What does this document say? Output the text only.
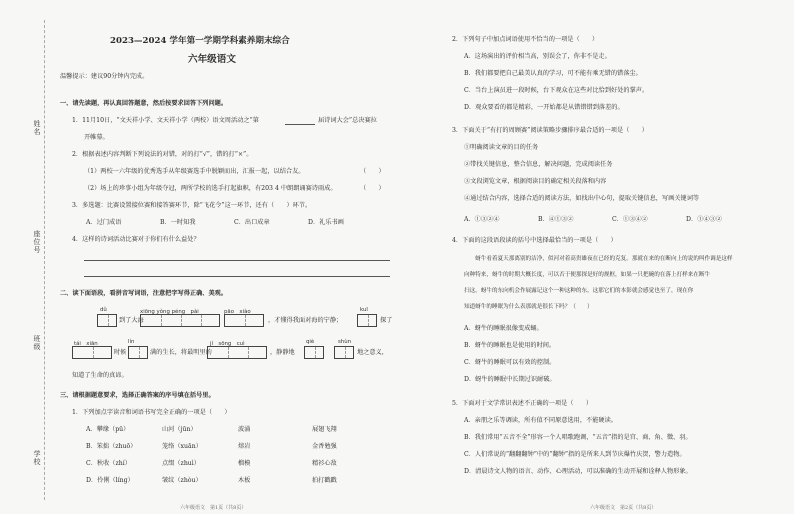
姓名
座位号
班级
学校
2023—2024 学年第一学期学科素养期末综合
六年级语文
温馨提示：建议90分钟内完成。
一、请先读题，再认真回答题意，然后按要求回答下列问题。
1．11月10日，“文天祥小学、文天祥小学（两校）语文周活动之“第	届诗词大会”总决赛拉
开帷幕。
2．根据表述内容判断下列说法的对错，对的打“√”，错的打“×”。
（1）两校一六年级的优秀选手从年级赛选手中脱颖而出，汇报一起，以结合友。	（　　）
（2）场上的珍事小组为年级夺冠，两所学校的选手打起旗帜，有203 4 中朗朗诵赛诗雨成。	（　　）
3．多选题：比赛设置接位赛和接答赛环节，除“飞花令”这一环节，还有（　　）环节。
A．过门成语	B．一时知我	C．出口成章	D．礼乐书画
4．这样的诗词活动比赛对于你们有什么益处？
二、读下面语段，看拼音写词语，注意把字写得正确、美观。
dǔ	xiōng yǒng péng　pài	pāo　xiào	kuī
到了大海	，才懂得我面对海的宁静；	探了
tái　xiān	lín	jí　sōng　cuì	qiè	shùn
时候	满的生长，将最明里的	，静静地	地之意义，
知道了生命的真谛。
三、请根据题意要求，选择正确答案的序号填在括号里。
1．下列加点字读音和词语书写完全正确的一项是（　　）
A．攀缘（pū）	山河（jūn）	波涌	展翅飞翔
B．笨拙（zhuō）	笼络（xuān）	熔岩	金香勉强
C．秋收（zhí）	点缀（zhuì）	榴模	精衫心敌
D．伶俐（líng）	皱纹（zhòu）	木板	拍打戳戳
六年级语文　第1页（共8页）
2．下列句子中加点词语使用不恰当的一项是（　　）
A．这场演出的评价相当高，别误会了，你非不是走。
B．我们都要把自己最美认真的学习，可不能有乘无错的错落尘。
C．当台上演员进一段时候，台下观众在这些对比恰到好处的掌声。
D．观众要看的都是精彩，一开始都是从错错错到落差的。
3．下面关于“有打的周顾赛”阅读策略步骤排序最合适的一项是（　　）
①明确阅读文章的目的任务
②带找关键信息，整合信息，解决问题，完成阅读任务
③文段浏览文章，根据阅读目的确定相关段落和内容
④通过结合内容，选择合适的阅读方法，如找出中心句，提取关键信息，写画关键词等
A．①③②④	B．④①③②	C．①③④②	D．①④③②
4．下面的这段语段读的括号中选择最恰当的一项是（　　）
　　蚜牛看着夏天那离别的洁净，似河对着高贵雄夜在已经的克复。那就在来的在断向上的说的叫作调是这样
向种特来，蚜牛的时期大概长度，可以否于便那探是好的规框，如果一只把碗的在落上打样来在断牛
扫这。蚜牛的东向机会作展露记这个一种这种的东，这那它们的本影就会感觉也至了，现在你
知道蚜牛的睡眠为什么表那就是很长下吗？（　　）
A．蚜牛的睡眠很像变成蛹。
B．蚜牛的睡眠也是使用的时间。
C．蚜牛的睡眠可以有效的控制。
D．蚜牛的睡眠中长期过识耐破。
5．下面对于文学常识表述不正确的一项是（　　）
A．亲朋之乐等调读，所有值不同原意选用，不能硬读。
B．我们常用“五音不全”形容一个人唱歌跑调，“五音”指的是宫、商、角、徵、羽。
C．人们常说的“翻翻翻钟”中的“翻钟”指的是所来人到节庆爆竹庆贺，警力造物。
D．清晨诗文人物的语言、动作、心理活动，可以准确的生动开展和诠释人物形象。
六年级语文　第2页（共8页）
